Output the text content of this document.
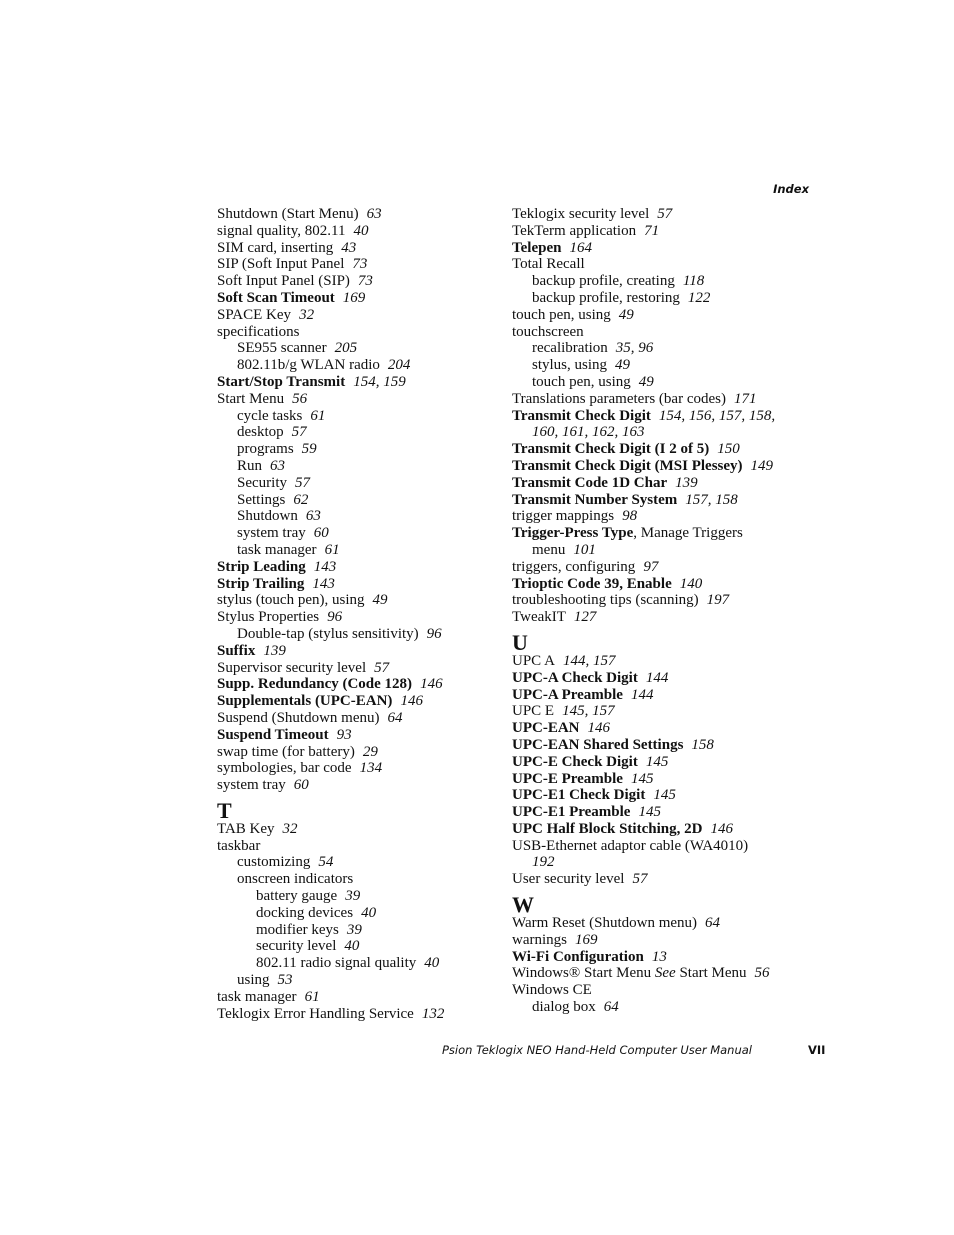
Index
Shutdown (Start Menu) 63
signal quality, 802.11 40
SIM card, inserting 43
SIP (Soft Input Panel 73
Soft Input Panel (SIP) 73
Soft Scan Timeout 169
SPACE Key 32
specifications
SE955 scanner 205
802.11b/g WLAN radio 204
Start/Stop Transmit 154, 159
Start Menu 56
cycle tasks 61
desktop 57
programs 59
Run 63
Security 57
Settings 62
Shutdown 63
system tray 60
task manager 61
Strip Leading 143
Strip Trailing 143
stylus (touch pen), using 49
Stylus Properties 96
Double-tap (stylus sensitivity) 96
Suffix 139
Supervisor security level 57
Supp. Redundancy (Code 128) 146
Supplementals (UPC-EAN) 146
Suspend (Shutdown menu) 64
Suspend Timeout 93
swap time (for battery) 29
symbologies, bar code 134
system tray 60
T
TAB Key 32
taskbar
customizing 54
onscreen indicators
battery gauge 39
docking devices 40
modifier keys 39
security level 40
802.11 radio signal quality 40
using 53
task manager 61
Teklogix Error Handling Service 132
Teklogix security level 57
TekTerm application 71
Telepen 164
Total Recall
backup profile, creating 118
backup profile, restoring 122
touch pen, using 49
touchscreen
recalibration 35, 96
stylus, using 49
touch pen, using 49
Translations parameters (bar codes) 171
Transmit Check Digit 154, 156, 157, 158,
160, 161, 162, 163
Transmit Check Digit (I 2 of 5) 150
Transmit Check Digit (MSI Plessey) 149
Transmit Code 1D Char 139
Transmit Number System 157, 158
trigger mappings 98
Trigger-Press Type, Manage Triggers
menu 101
triggers, configuring 97
Trioptic Code 39, Enable 140
troubleshooting tips (scanning) 197
TweakIT 127
U
UPC A 144, 157
UPC-A Check Digit 144
UPC-A Preamble 144
UPC E 145, 157
UPC-EAN 146
UPC-EAN Shared Settings 158
UPC-E Check Digit 145
UPC-E Preamble 145
UPC-E1 Check Digit 145
UPC-E1 Preamble 145
UPC Half Block Stitching, 2D 146
USB-Ethernet adaptor cable (WA4010)
192
User security level 57
W
Warm Reset (Shutdown menu) 64
warnings 169
Wi-Fi Configuration 13
Windows® Start Menu See Start Menu 56
Windows CE
dialog box 64
Psion Teklogix NEO Hand-Held Computer User Manual	VII
